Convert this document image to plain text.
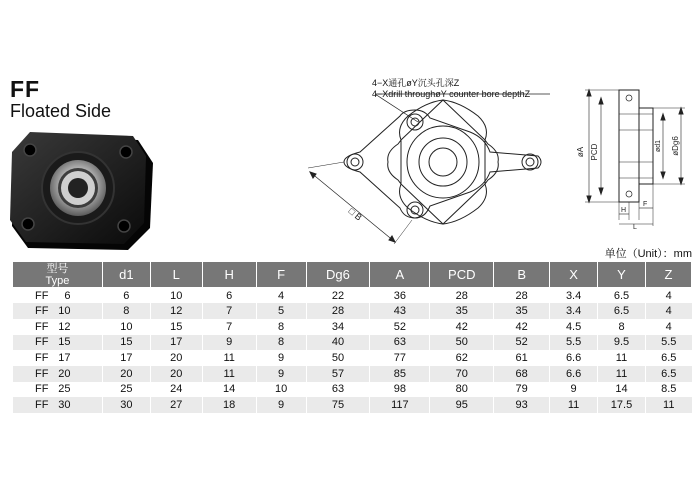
FF
Floated Side
4−X通孔øY沉头孔深Z
4−Xdrill throughøY counter bore depthZ
□ B
øA PCD	ød1 øDg6
H
F
L
单位（Unit）：mm
型号
Type	d1	L	H	F	Dg6	A	PCD	B	X	Y	Z
FF 6	6	10	6	4	22	36	28	28	3.4	6.5	4
FF 10	8	12	7	5	28	43	35	35	3.4	6.5	4
FF 12	10	15	7	8	34	52	42	42	4.5	8	4
FF 15	15	17	9	8	40	63	50	52	5.5	9.5	5.5
FF 17	17	20	11	9	50	77	62	61	6.6	11	6.5
FF 20	20	20	11	9	57	85	70	68	6.6	11	6.5
FF 25	25	24	14	10	63	98	80	79	9	14	8.5
FF 30	30	27	18	9	75	117	95	93	11	17.5	11
